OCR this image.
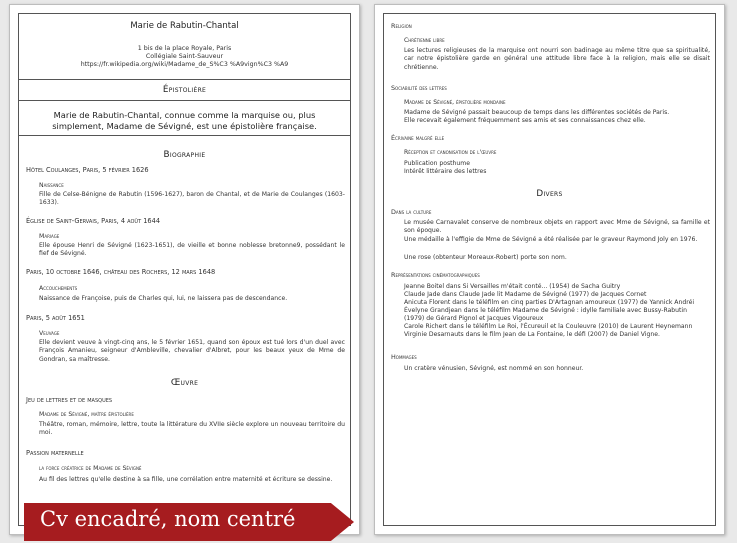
Marie de Rabutin-Chantal
1 bis de la place Royale, Paris
Collégiale Saint-Sauveur
https://fr.wikipedia.org/wiki/Madame_de_S%C3 %A9vign%C3 %A9
Épistolière
Marie de Rabutin-Chantal, connue comme la marquise ou, plus simplement, Madame de Sévigné, est une épistolière française.
Biographie
Hôtel Coulanges, Paris, 5 février 1626
Naissance
Fille de Celse-Bénigne de Rabutin (1596-1627), baron de Chantal, et de Marie de Coulanges (1603-1633).
Église de Saint-Gervais, Paris, 4 août 1644
Mariage
Elle épouse Henri de Sévigné (1623-1651), de vieille et bonne noblesse bretonne9, possédant le fief de Sévigné.
Paris, 10 octobre 1646, château des Rochers, 12 mars 1648
Accouchements
Naissance de Françoise, puis de Charles qui, lui, ne laissera pas de descendance.
Paris, 5 août 1651
Veuvage
Elle devient veuve à vingt-cinq ans, le 5 février 1651, quand son époux est tué lors d'un duel avec François Amanieu, seigneur d'Ambleville, chevalier d'Albret, pour les beaux yeux de Mme de Gondran, sa maîtresse.
Œuvre
Jeu de lettres et de masques
Madame de Sévigné, maître épistolière
Théâtre, roman, mémoire, lettre, toute la littérature du XVIIe siècle explore un nouveau territoire du moi.
Passion maternelle
la force créatrice de Madame de Sévigné
Au fil des lettres qu'elle destine à sa fille, une corrélation entre maternité et écriture se dessine.
Religion
Chrétienne libre
Les lectures religieuses de la marquise ont nourri son badinage au même titre que sa spiritualité, car notre épistolière garde en général une attitude libre face à la religion, mais elle se disait chrétienne.
Sociabilité des lettres
Madame de Sévigné, épistolière mondaine
Madame de Sévigné passait beaucoup de temps dans les différentes sociétés de Paris.
Elle recevait également fréquemment ses amis et ses connaissances chez elle.
Écrivaine malgré elle
Réception et canonisation de l'œuvre
Publication posthume
Intérêt littéraire des lettres
Divers
Dans la culture
Le musée Carnavalet conserve de nombreux objets en rapport avec Mme de Sévigné, sa famille et son époque.
Une médaille à l'effigie de Mme de Sévigné a été réalisée par le graveur Raymond Joly en 1976.
Une rose (obtenteur Moreaux-Robert) porte son nom.
Représentations cinématographiques
Jeanne Boitel dans Si Versailles m'était conté... (1954) de Sacha Guitry
Claude Jade dans Claude Jade lit Madame de Sévigné (1977) de Jacques Cornet
Anicuta Florent dans le téléfilm en cinq parties D'Artagnan amoureux (1977) de Yannick Andréi
Évelyne Grandjean dans le téléfilm Madame de Sévigné : idylle familiale avec Bussy-Rabutin
(1979) de Gérard Pignol et Jacques Vigoureux
Carole Richert dans le téléfilm Le Roi, l'Écureuil et la Couleuvre (2010) de Laurent Heynemann
Virginie Desarnauts dans le film Jean de La Fontaine, le défi (2007) de Daniel Vigne.
Hommages
Un cratère vénusien, Sévigné, est nommé en son honneur.
Cv encadré, nom centré
